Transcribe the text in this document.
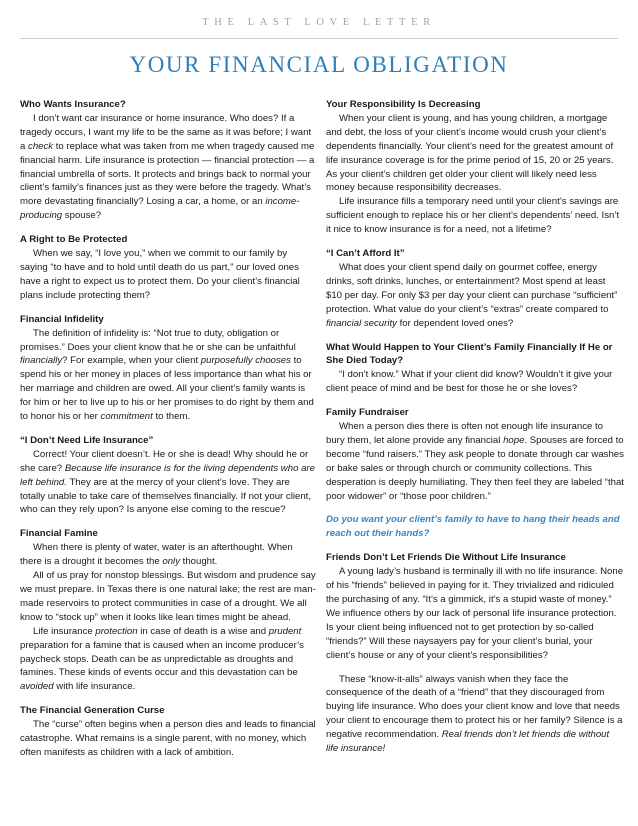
THE LAST LOVE LETTER
YOUR FINANCIAL OBLIGATION
Who Wants Insurance?

I don’t want car insurance or home insurance. Who does? If a tragedy occurs, I want my life to be the same as it was before; I want a check to replace what was taken from me when tragedy caused me financial harm. Life insurance is protection — financial protection — a financial umbrella of sorts. It protects and brings back to normal your client’s family’s finances just as they were before the tragedy. What’s more devastating financially? Losing a car, a home, or an income-producing spouse?

A Right to Be Protected

When we say, “I love you,” when we commit to our family by saying “to have and to hold until death do us part,” our loved ones have a right to expect us to protect them. Do your client’s financial plans include protecting them?

Financial Infidelity

The definition of infidelity is: “Not true to duty, obligation or promises.” Does your client know that he or she can be unfaithful financially? For example, when your client purposefully chooses to spend his or her money in places of less importance than what his or her marriage and children are owed. All your client’s family wants is for him or her to live up to his or her promises to do right by them and to honor his or her commitment to them.

“I Don’t Need Life Insurance”

Correct! Your client doesn’t. He or she is dead! Why should he or she care? Because life insurance is for the living dependents who are left behind. They are at the mercy of your client’s love. They are totally unable to take care of themselves financially. If not your client, who can they rely upon? Is anyone else coming to the rescue?

Financial Famine

When there is plenty of water, water is an afterthought. When there is a drought it becomes the only thought.

All of us pray for nonstop blessings. But wisdom and prudence say we must prepare. In Texas there is one natural lake; the rest are man-made reservoirs to protect communities in case of a drought. We all know to “stock up” when it looks like lean times might be ahead.

Life insurance protection in case of death is a wise and prudent preparation for a famine that is caused when an income producer’s paycheck stops. Death can be as unpredictable as droughts and famines. These kinds of events occur and this devastation can be avoided with life insurance.

The Financial Generation Curse

The “curse” often begins when a person dies and leads to financial catastrophe. What remains is a single parent, with no money, which often manifests as children with a lack of ambition.

Your Responsibility Is Decreasing

When your client is young, and has young children, a mortgage and debt, the loss of your client’s income would crush your client’s dependents financially. Your client’s need for the greatest amount of life insurance coverage is for the prime period of 15, 20 or 25 years. As your client’s children get older your client will likely need less money because responsibility decreases.

Life insurance fills a temporary need until your client’s savings are sufficient enough to replace his or her client’s dependents’ need. Isn’t it nice to know insurance is for a need, not a lifetime?

“I Can’t Afford It”

What does your client spend daily on gourmet coffee, energy drinks, soft drinks, lunches, or entertainment? Most spend at least $10 per day. For only $3 per day your client can purchase “sufficient” protection. What value do your client’s “extras” create compared to financial security for dependent loved ones?

What Would Happen to Your Client’s Family Financially If He or She Died Today?

“I don’t know.” What if your client did know? Wouldn’t it give your client peace of mind and be best for those he or she loves?

Family Fundraiser

When a person dies there is often not enough life insurance to bury them, let alone provide any financial hope. Spouses are forced to become “fund raisers.” They ask people to donate through car washes or bake sales or through church or community collections. This desperation is deeply humiliating. They then feel they are labeled “that poor widower” or “those poor children.”

Do you want your client’s family to have to hang their heads and reach out their hands?

Friends Don’t Let Friends Die Without Life Insurance

A young lady’s husband is terminally ill with no life insurance. None of his “friends” believed in paying for it. They trivialized and ridiculed the purchasing of any. “It’s a gimmick, it’s a stupid waste of money.” We influence others by our lack of personal life insurance protection. Is your client being influenced not to get protection by so-called “friends?” Will these naysayers pay for your client’s burial, your client’s house or any of your client’s responsibilities?

These “know-it-alls” always vanish when they face the consequence of the death of a “friend” that they discouraged from buying life insurance. Who does your client know and love that needs your client to encourage them to protect his or her family? Silence is a negative recommendation. Real friends don’t let friends die without life insurance!
